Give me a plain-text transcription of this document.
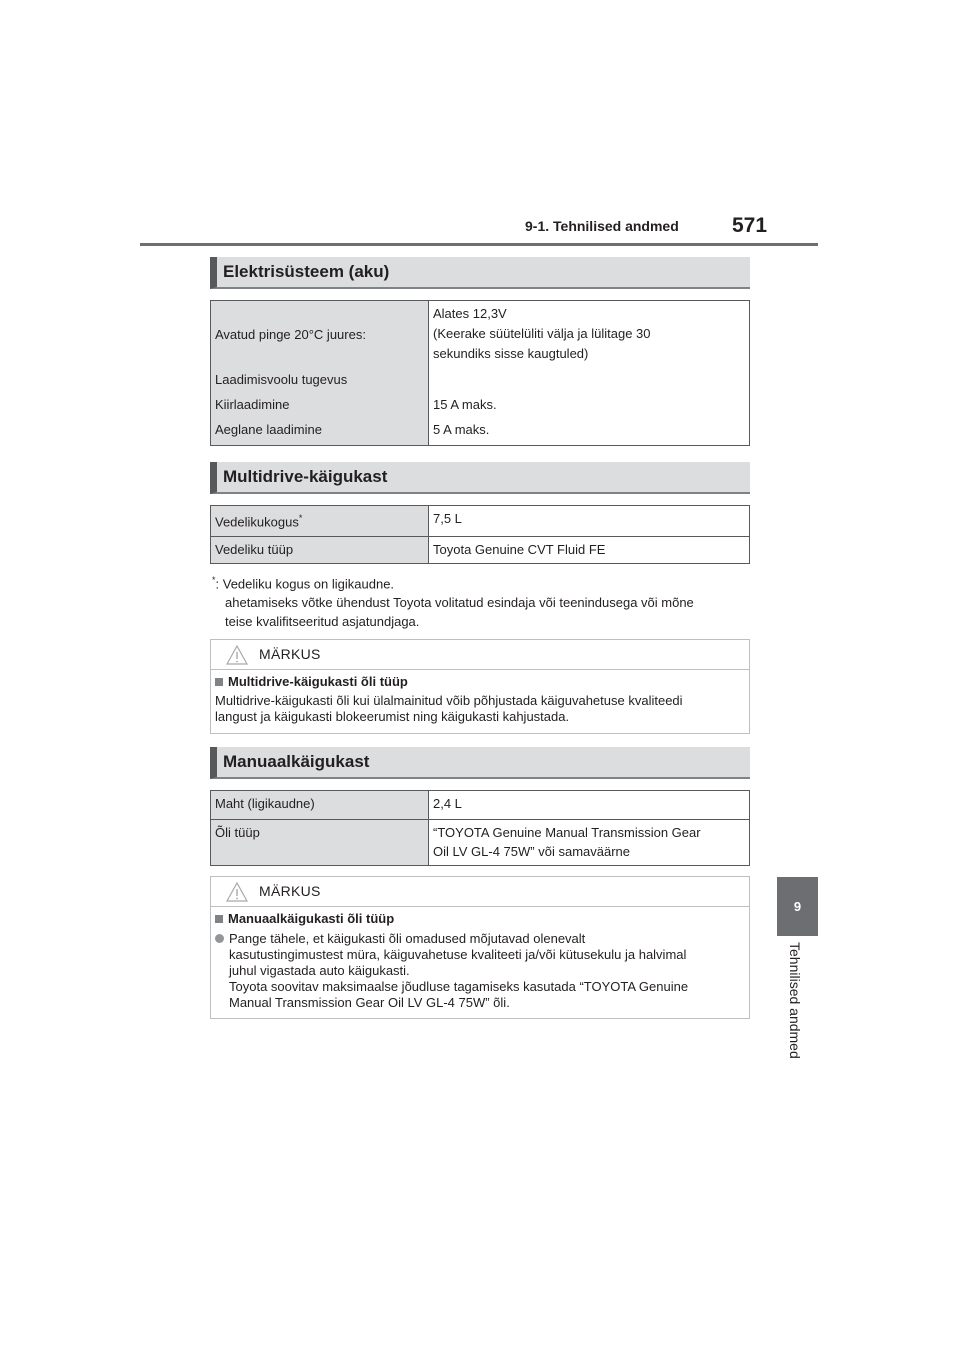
9-1. Tehnilised andmed	571
9
Tehnilised andmed
Elektrisüsteem (aku)
Avatud pinge 20°C juures:	Alates 12,3V
(Keerake süütelüliti välja ja lülitage 30
sekundiks sisse kaugtuled)

Laadimisvoolu tugevus	
Kiirlaadimine	15 A maks.
Aeglane laadimine	5 A maks.
Multidrive-käigukast
Vedelikukogus*	7,5 L
Vedeliku tüüp	Toyota Genuine CVT Fluid FE
*: Vedeliku kogus on ligikaudne.
ahetamiseks võtke ühendust Toyota volitatud esindaja või teenindusega või mõne
teise kvalifitseeritud asjatundjaga.
MÄRKUS
Multidrive-käigukasti õli tüüp
Multidrive-käigukasti õli kui ülalmainitud võib põhjustada käiguvahetuse kvaliteedi
langust ja käigukasti blokeerumist ning käigukasti kahjustada.
Manuaalkäigukast
Maht (ligikaudne)	2,4 L
Õli tüüp	“TOYOTA Genuine Manual Transmission Gear
Oil LV GL-4 75W” või samaväärne
MÄRKUS
Manuaalkäigukasti õli tüüp
Pange tähele, et käigukasti õli omadused mõjutavad olenevalt
kasutustingimustest müra, käiguvahetuse kvaliteeti ja/või kütusekulu ja halvimal
juhul vigastada auto käigukasti.
Toyota soovitav maksimaalse jõudluse tagamiseks kasutada “TOYOTA Genuine
Manual Transmission Gear Oil LV GL-4 75W” õli.
